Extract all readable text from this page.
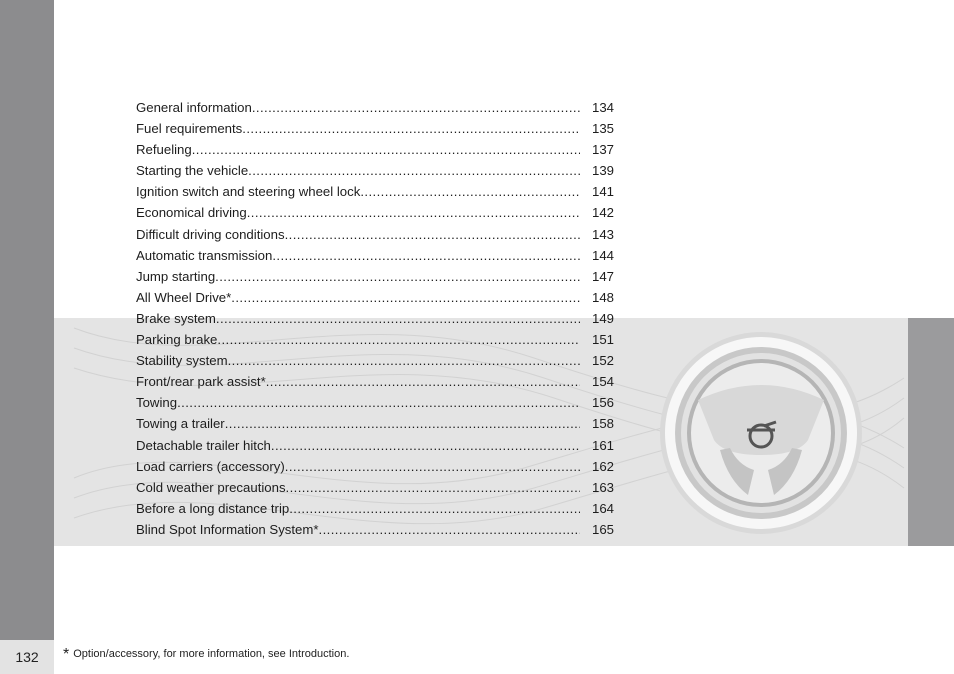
132
General information .....	134
Fuel requirements .....	135
Refueling .....	137
Starting the vehicle .....	139
Ignition switch and steering wheel lock .....	141
Economical driving .....	142
Difficult driving conditions .....	143
Automatic transmission .....	144
Jump starting .....	147
All Wheel Drive* .....	148
Brake system .....	149
Parking brake .....	151
Stability system .....	152
Front/rear park assist* .....	154
Towing .....	156
Towing a trailer .....	158
Detachable trailer hitch .....	161
Load carriers (accessory) .....	162
Cold weather precautions .....	163
Before a long distance trip .....	164
Blind Spot Information System* .....	165
* Option/accessory, for more information, see Introduction.
